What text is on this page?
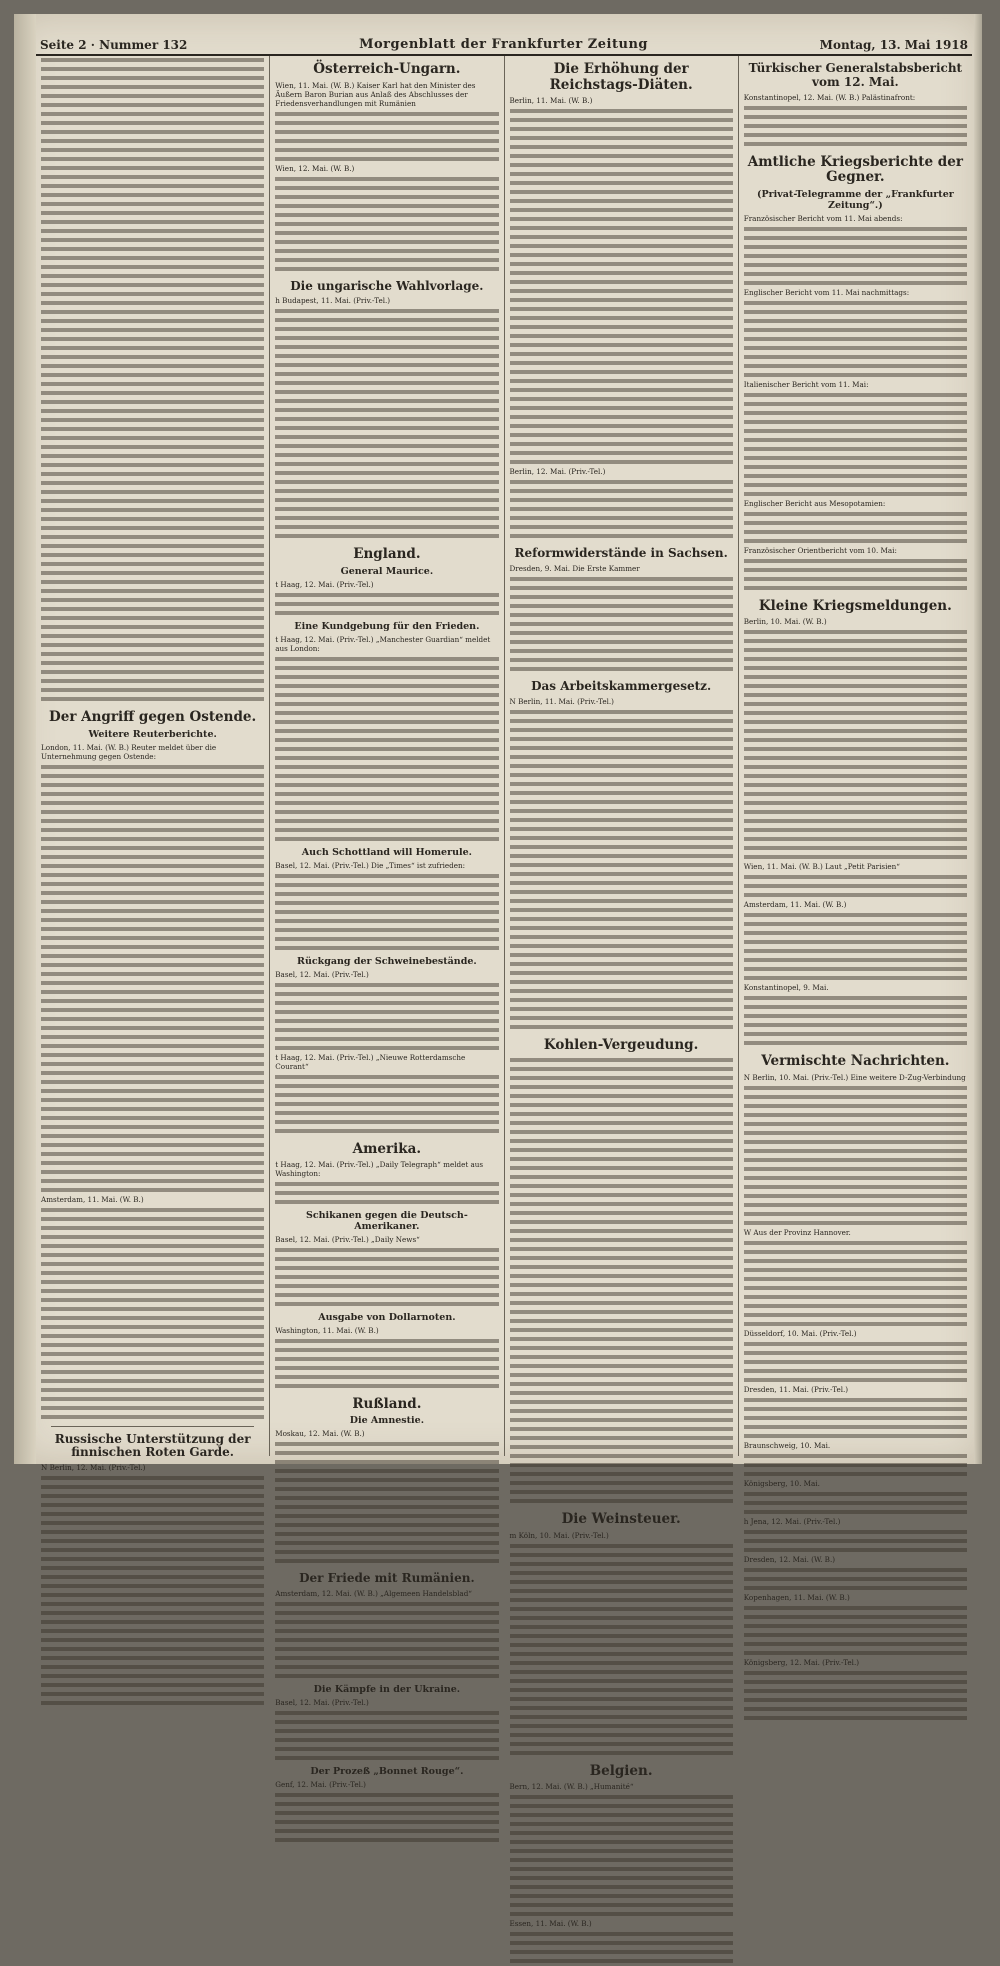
Seite 2 · Nummer 132	Morgenblatt der Frankfurter Zeitung	Montag, 13. Mai 1918
Der Angriff gegen Ostende.
Weitere Reuterberichte.
London, 11. Mai. (W. B.) Reuter meldet über die Unternehmung gegen Ostende:
Amsterdam, 11. Mai. (W. B.)
Russische Unterstützung der finnischen Roten Garde.
N Berlin, 12. Mai. (Priv.-Tel.)
Österreich-Ungarn.
Wien, 11. Mai. (W. B.) Kaiser Karl hat den Minister des Äußern Baron Burian aus Anlaß des Abschlusses der Friedensverhandlungen mit Rumänien
Wien, 12. Mai. (W. B.)
Die ungarische Wahlvorlage.
h Budapest, 11. Mai. (Priv.-Tel.)
England.
General Maurice.
t Haag, 12. Mai. (Priv.-Tel.)
Eine Kundgebung für den Frieden.
t Haag, 12. Mai. (Priv.-Tel.) „Manchester Guardian“ meldet aus London:
Auch Schottland will Homerule.
Basel, 12. Mai. (Priv.-Tel.) Die „Times“ ist zufrieden:
Rückgang der Schweinebestände.
Basel, 12. Mai. (Priv.-Tel.)
t Haag, 12. Mai. (Priv.-Tel.) „Nieuwe Rotterdamsche Courant“
Amerika.
t Haag, 12. Mai. (Priv.-Tel.) „Daily Telegraph“ meldet aus Washington:
Schikanen gegen die Deutsch-Amerikaner.
Basel, 12. Mai. (Priv.-Tel.) „Daily News“
Ausgabe von Dollarnoten.
Washington, 11. Mai. (W. B.)
Rußland.
Die Amnestie.
Moskau, 12. Mai. (W. B.)
Der Friede mit Rumänien.
Amsterdam, 12. Mai. (W. B.) „Algemeen Handelsblad“
Die Kämpfe in der Ukraine.
Basel, 12. Mai. (Priv.-Tel.)
Der Prozeß „Bonnet Rouge“.
Genf, 12. Mai. (Priv.-Tel.)
Die Erhöhung der Reichstags-Diäten.
Berlin, 11. Mai. (W. B.)
Berlin, 12. Mai. (Priv.-Tel.)
Reformwiderstände in Sachsen.
Dresden, 9. Mai. Die Erste Kammer
Das Arbeitskammergesetz.
N Berlin, 11. Mai. (Priv.-Tel.)
Kohlen-Vergeudung.
Die Weinsteuer.
m Köln, 10. Mai. (Priv.-Tel.)
Belgien.
Bern, 12. Mai. (W. B.) „Humanité“
Essen, 11. Mai. (W. B.)
Türkischer Generalstabsbericht vom 12. Mai.
Konstantinopel, 12. Mai. (W. B.) Palästinafront:
Amtliche Kriegsberichte der Gegner.
(Privat-Telegramme der „Frankfurter Zeitung“.)
Französischer Bericht vom 11. Mai abends:
Englischer Bericht vom 11. Mai nachmittags:
Italienischer Bericht vom 11. Mai:
Englischer Bericht aus Mesopotamien:
Französischer Orientbericht vom 10. Mai:
Kleine Kriegsmeldungen.
Berlin, 10. Mai. (W. B.)
Wien, 11. Mai. (W. B.) Laut „Petit Parisien“
Amsterdam, 11. Mai. (W. B.)
Konstantinopel, 9. Mai.
Vermischte Nachrichten.
N Berlin, 10. Mai. (Priv.-Tel.) Eine weitere D-Zug-Verbindung
W Aus der Provinz Hannover.
Düsseldorf, 10. Mai. (Priv.-Tel.)
Dresden, 11. Mai. (Priv.-Tel.)
Braunschweig, 10. Mai.
Königsberg, 10. Mai.
h Jena, 12. Mai. (Priv.-Tel.)
Dresden, 12. Mai. (W. B.)
Kopenhagen, 11. Mai. (W. B.)
Königsberg, 12. Mai. (Priv.-Tel.)
